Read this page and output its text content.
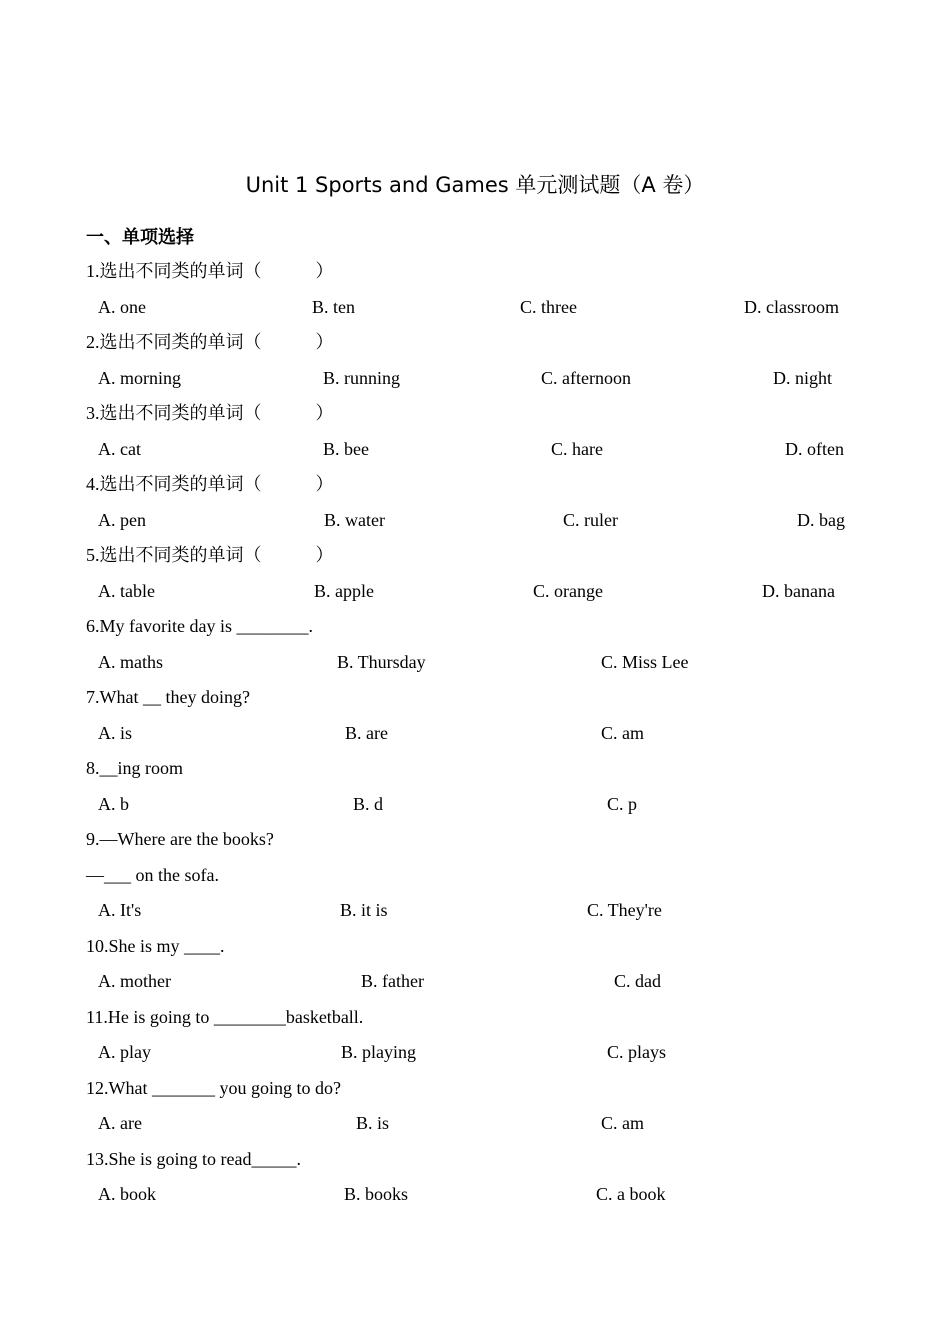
Unit 1 Sports and Games 单元测试题（A 卷）
一、单项选择
1.选出不同类的单词（　　　）
A. one	B. ten	C. three	D. classroom
2.选出不同类的单词（　　　）
A. morning	B. running	C. afternoon	D. night
3.选出不同类的单词（　　　）
A. cat	B. bee	C. hare	D. often
4.选出不同类的单词（　　　）
A. pen	B. water	C. ruler	D. bag
5.选出不同类的单词（　　　）
A. table	B. apple	C. orange	D. banana
6.My favorite day is ________.
A. maths	B. Thursday	C. Miss Lee
7.What __ they doing?
A. is	B. are	C. am
8.__ing room
A. b	B. d	C. p
9.—Where are the books?
—___ on the sofa.
A. It's	B. it is	C. They're
10.She is my ____.
A. mother	B. father	C. dad
11.He is going to ________basketball.
A. play	B. playing	C. plays
12.What _______ you going to do?
A. are	B. is	C. am
13.She is going to read_____.
A. book	B. books	C. a book
